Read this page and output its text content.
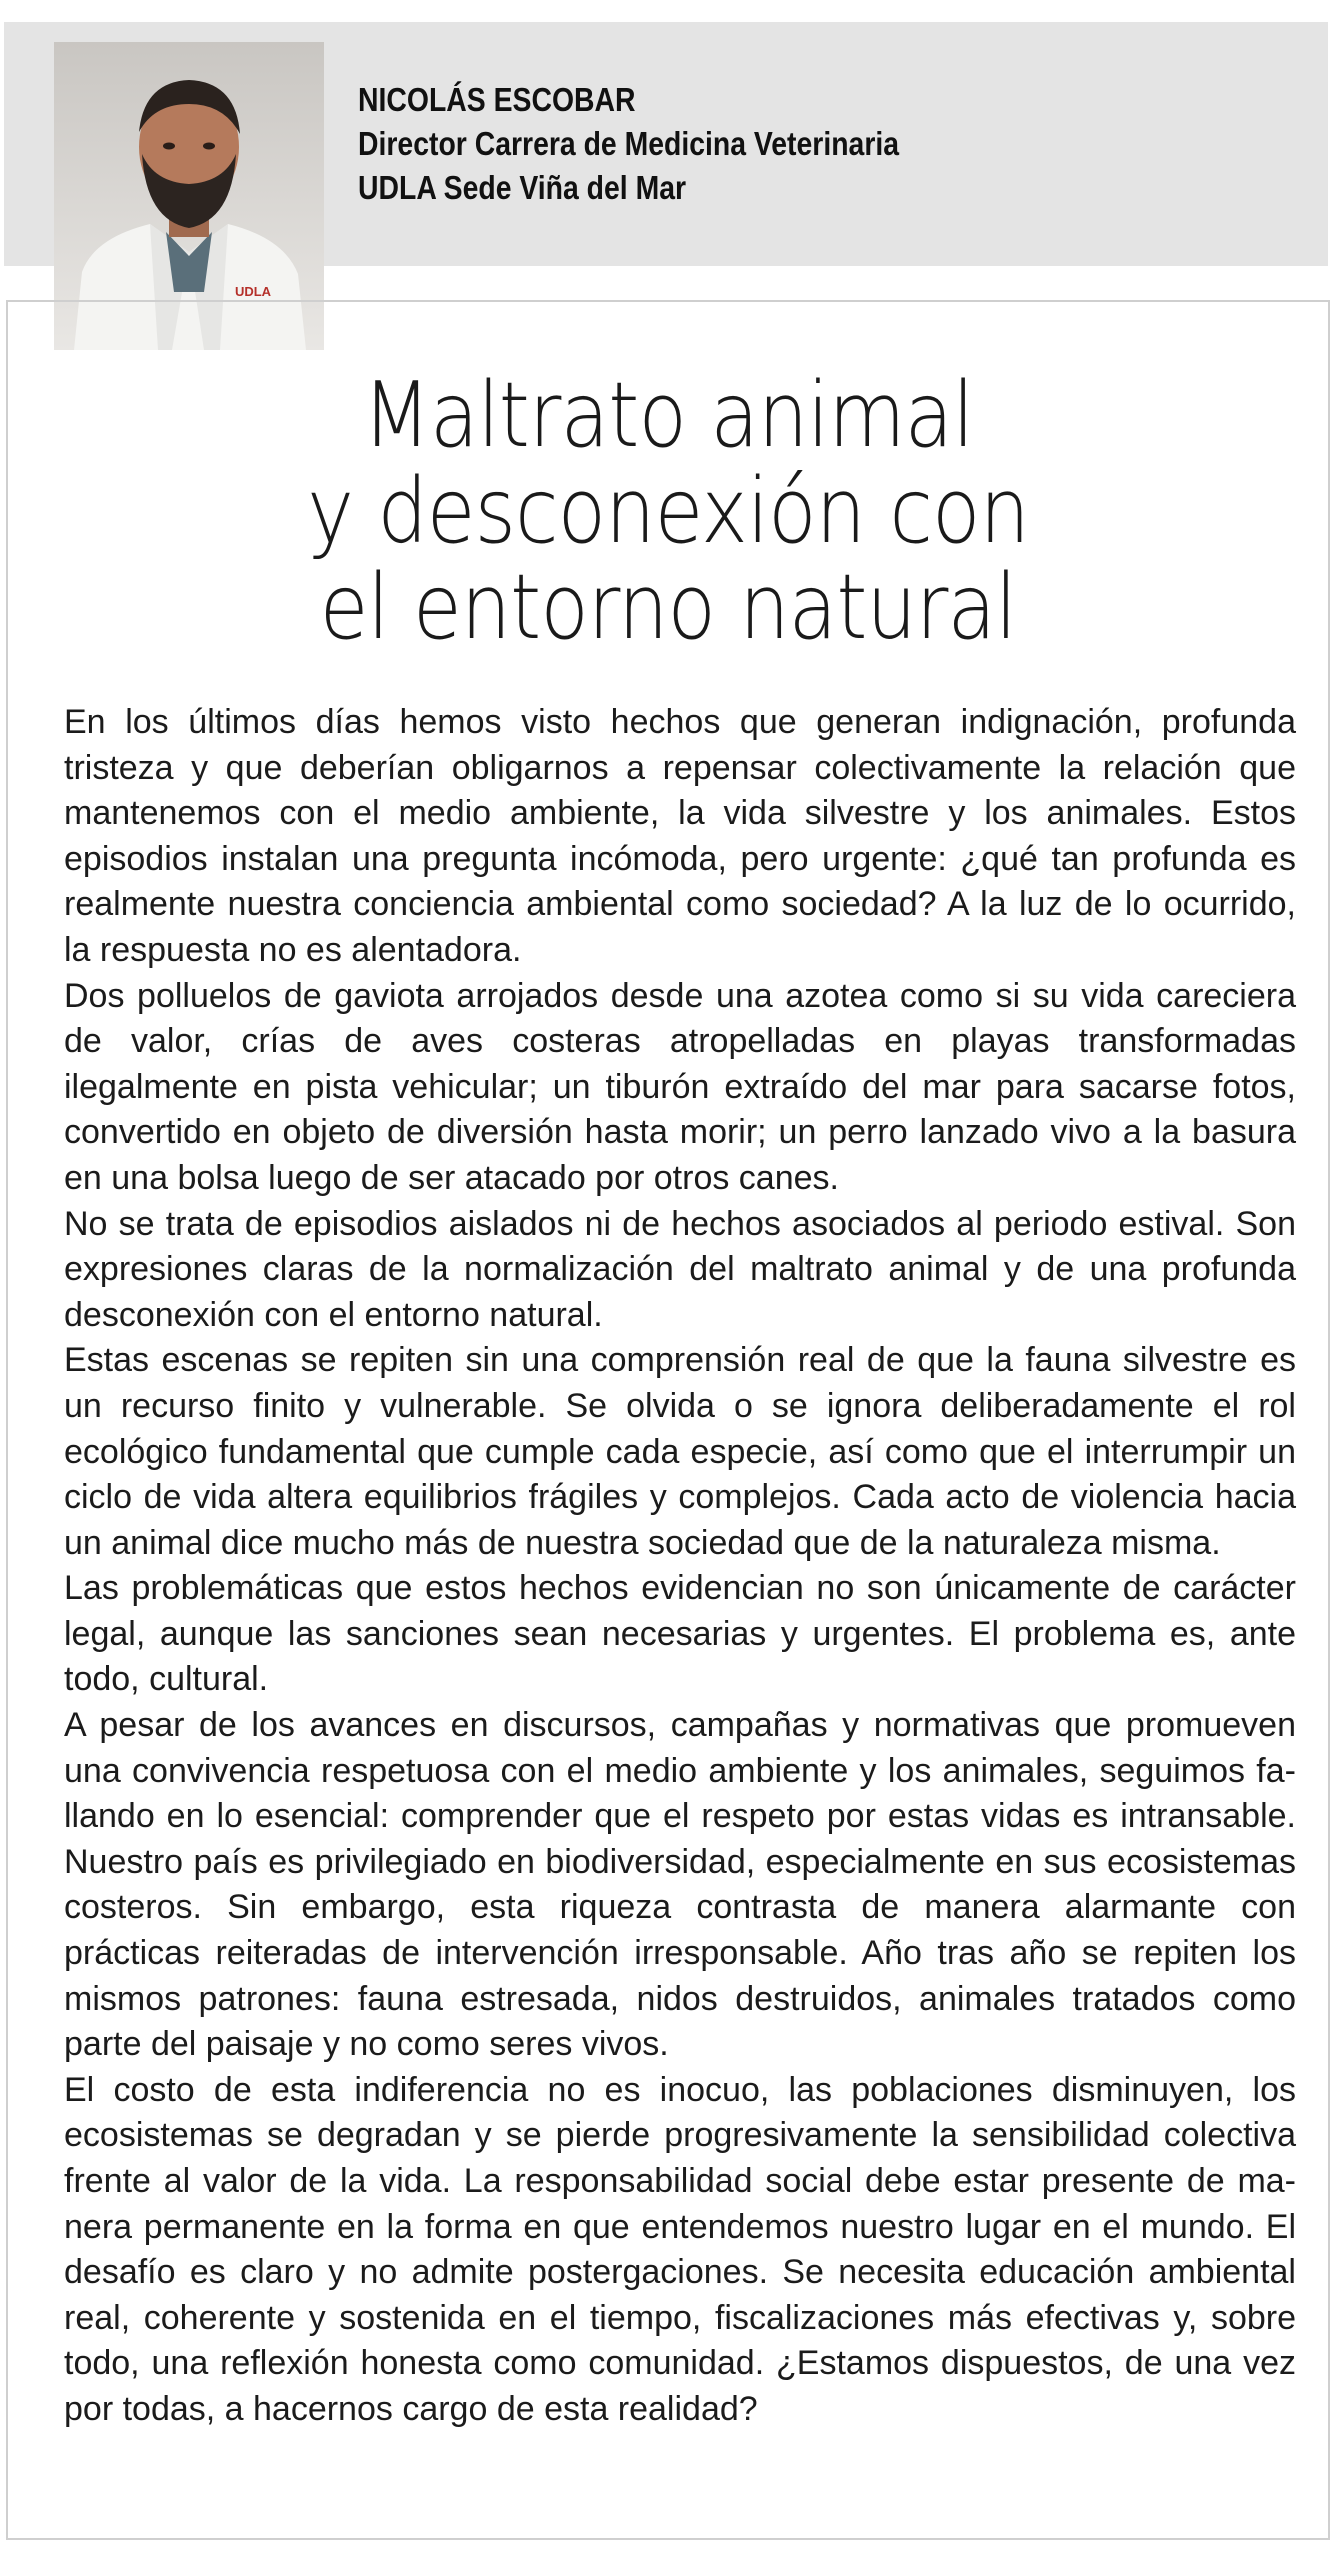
UDLA
NICOLÁS ESCOBAR
Director Carrera de Medicina Veterinaria
UDLA Sede Viña del Mar
Maltrato animal
y desconexión con
el entorno natural

En los últimos días hemos visto hechos que generan indignación, profunda tristeza y que deberían obligarnos a repensar colectivamente la relación que mantenemos con el medio ambiente, la vida silvestre y los animales. Estos episodios instalan una pregunta incómoda, pero urgente: ¿qué tan profunda es realmente nuestra conciencia ambiental como sociedad? A la luz de lo ocurrido, la respuesta no es alentadora.

Dos polluelos de gaviota arrojados desde una azotea como si su vida careciera de valor, crías de aves costeras atropelladas en playas transformadas ilegalmente en pista vehicular; un tiburón extraído del mar para sacarse fotos, convertido en objeto de diversión hasta morir; un perro lanzado vivo a la basura en una bolsa luego de ser atacado por otros canes.

No se trata de episodios aislados ni de hechos asociados al periodo estival. Son expresiones claras de la normalización del maltrato animal y de una profunda desconexión con el entorno natural.

Estas escenas se repiten sin una comprensión real de que la fauna silvestre es un recurso finito y vulnerable. Se olvida o se ignora deliberadamente el rol ecológico fundamental que cumple cada especie, así como que el interrumpir un ciclo de vida altera equilibrios frágiles y complejos. Cada acto de violencia hacia un animal dice mucho más de nuestra sociedad que de la naturaleza misma.

Las problemáticas que estos hechos evidencian no son únicamente de carácter legal, aunque las sanciones sean necesarias y urgentes. El problema es, ante todo, cultural.

A pesar de los avances en discursos, campañas y normativas que promueven una convivencia respetuosa con el medio ambiente y los animales, seguimos fallando en lo esencial: comprender que el respeto por estas vidas es intransable. Nuestro país es privilegiado en biodiversidad, especialmente en sus ecosistemas costeros. Sin embargo, esta riqueza contrasta de manera alarmante con prácticas reiteradas de intervención irresponsable. Año tras año se repiten los mismos patrones: fauna estresada, nidos destruidos, animales tratados como parte del paisaje y no como seres vivos.

El costo de esta indiferencia no es inocuo, las poblaciones disminuyen, los ecosistemas se degradan y se pierde progresivamente la sensibilidad colectiva frente al valor de la vida. La responsabilidad social debe estar presente de manera permanente en la forma en que entendemos nuestro lugar en el mundo. El desafío es claro y no admite postergaciones. Se necesita educación ambiental real, coherente y sostenida en el tiempo, fiscalizaciones más efectivas y, sobre todo, una reflexión honesta como comunidad. ¿Estamos dispuestos, de una vez por todas, a hacernos cargo de esta realidad?
